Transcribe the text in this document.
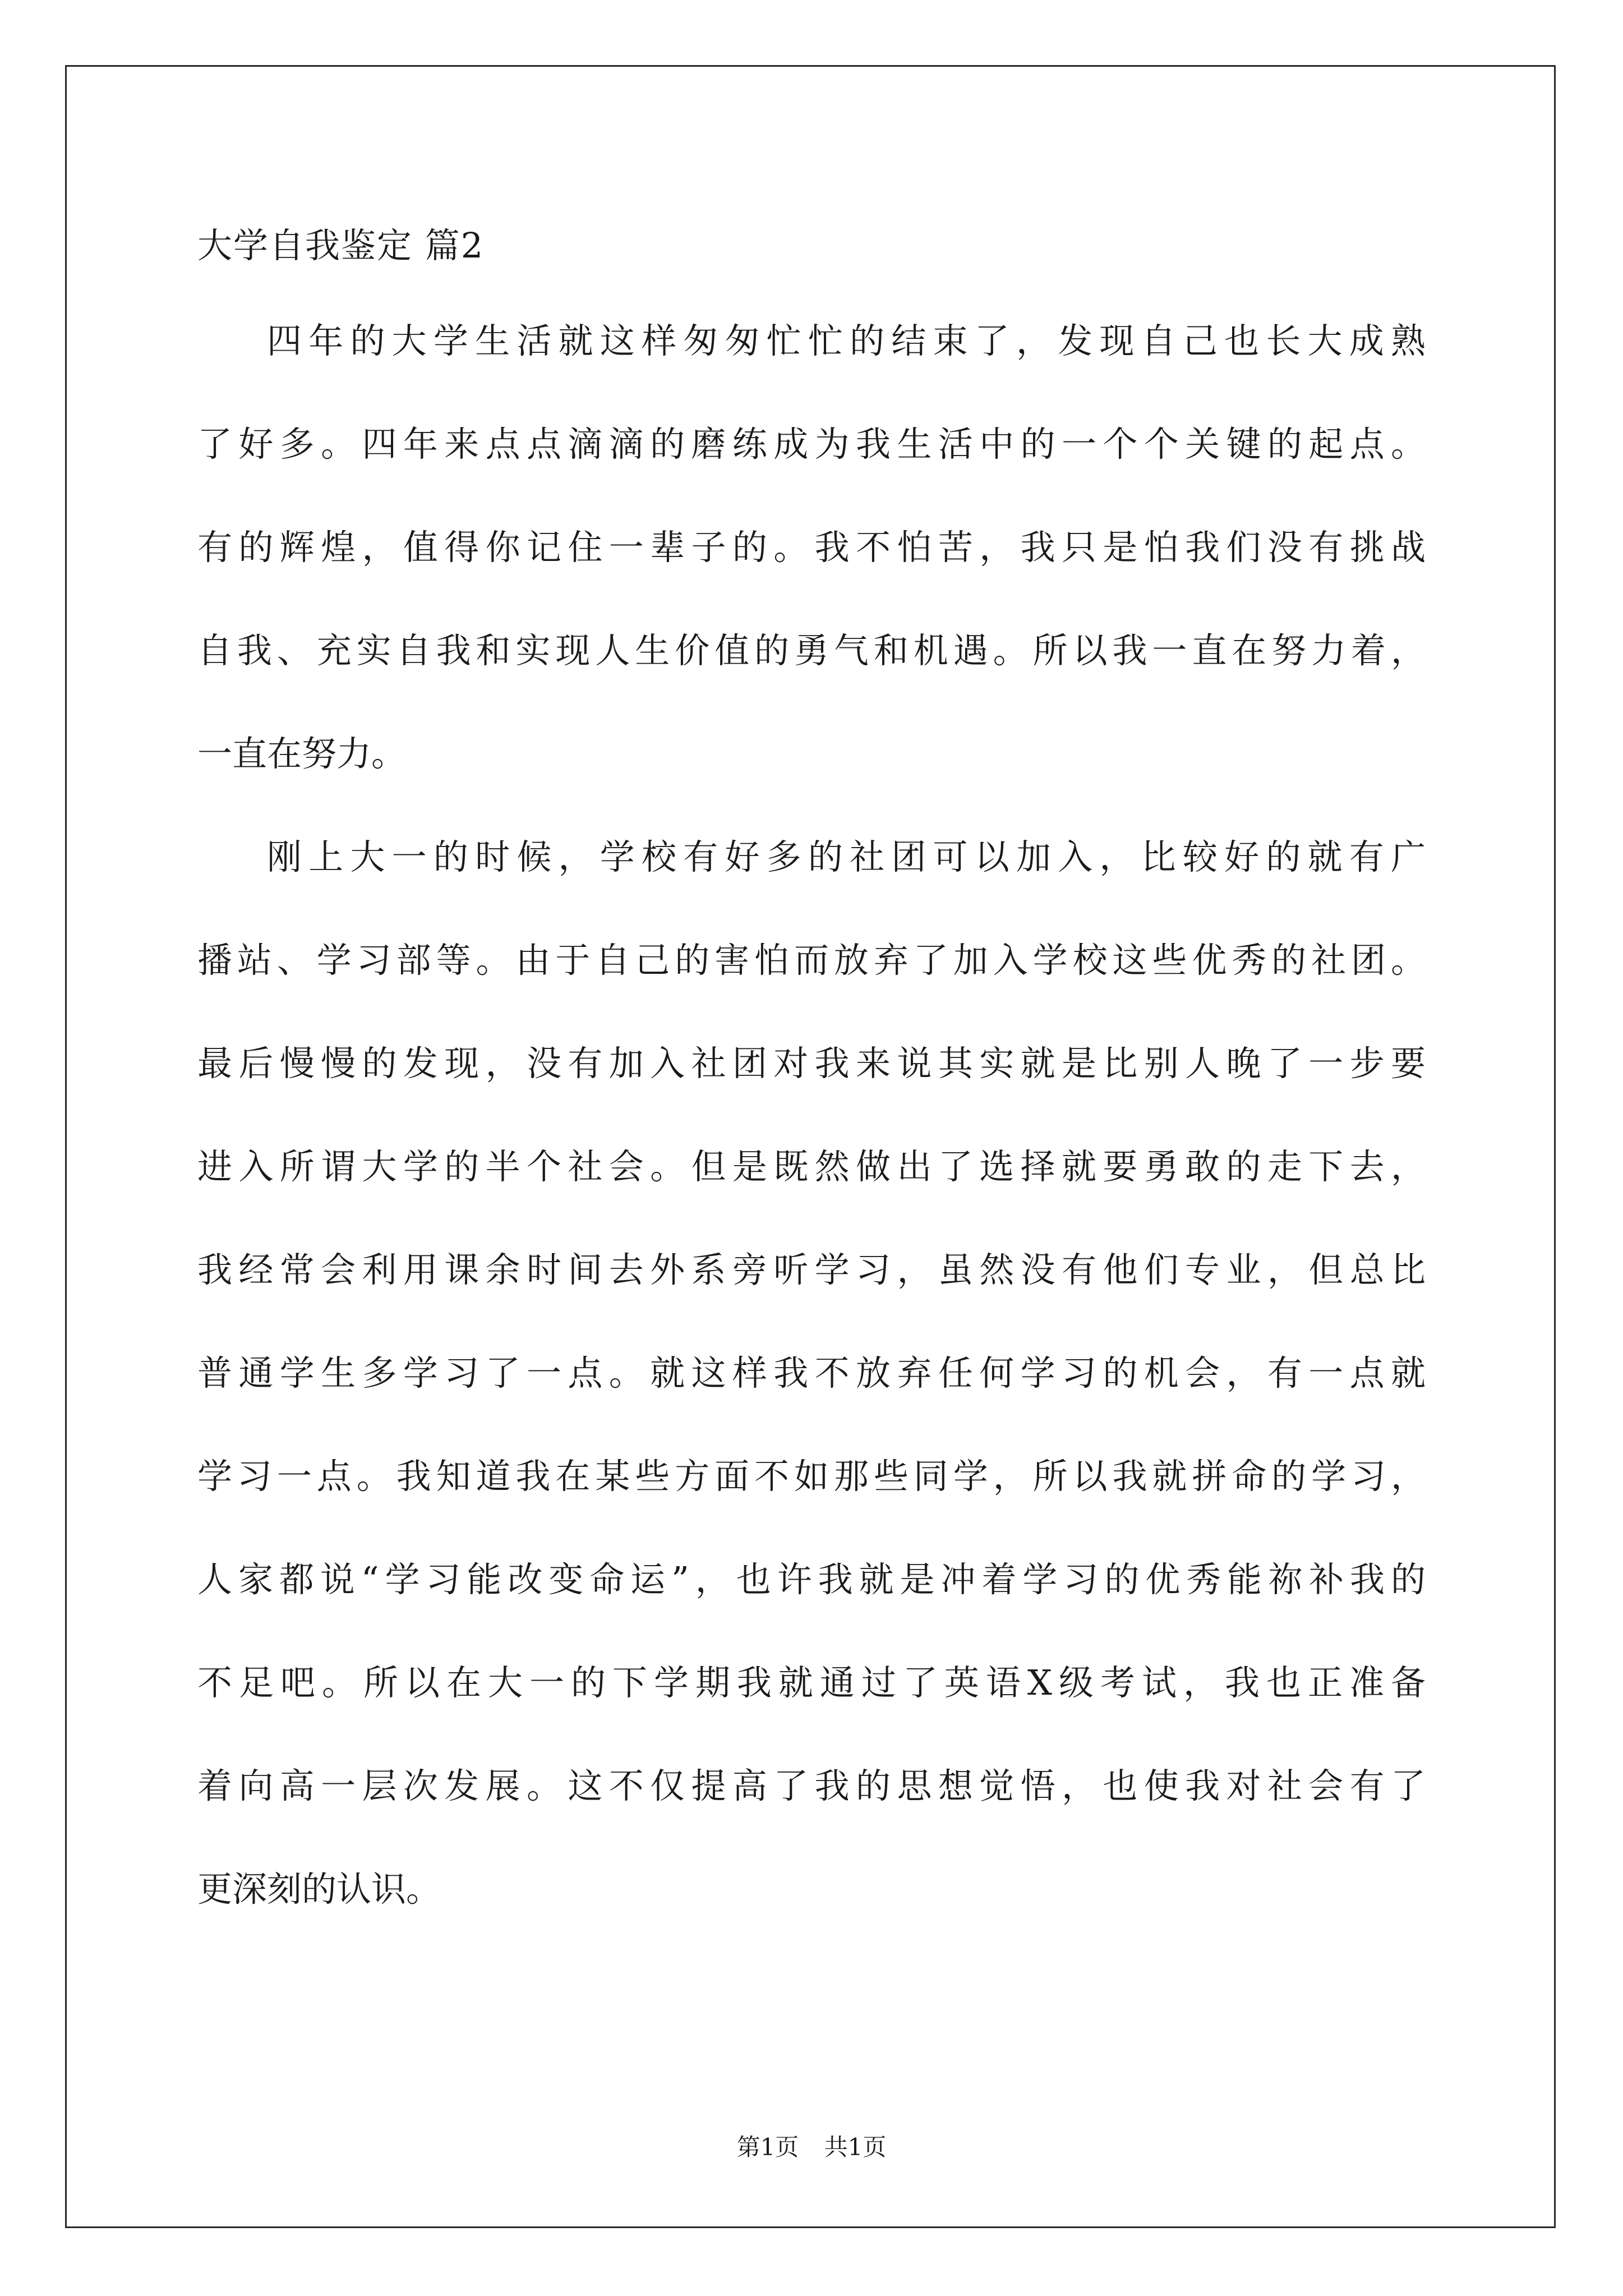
大学自我鉴定 篇2
四年的大学生活就这样匆匆忙忙的结束了，发现自己也长大成熟
了好多。四年来点点滴滴的磨练成为我生活中的一个个关键的起点。
有的辉煌，值得你记住一辈子的。我不怕苦，我只是怕我们没有挑战
自我、充实自我和实现人生价值的勇气和机遇。所以我一直在努力着，
一直在努力。
刚上大一的时候，学校有好多的社团可以加入，比较好的就有广
播站、学习部等。由于自己的害怕而放弃了加入学校这些优秀的社团。
最后慢慢的发现，没有加入社团对我来说其实就是比别人晚了一步要
进入所谓大学的半个社会。但是既然做出了选择就要勇敢的走下去，
我经常会利用课余时间去外系旁听学习，虽然没有他们专业，但总比
普通学生多学习了一点。就这样我不放弃任何学习的机会，有一点就
学习一点。我知道我在某些方面不如那些同学，所以我就拼命的学习，
人家都说“学习能改变命运”，也许我就是冲着学习的优秀能祢补我的
不足吧。所以在大一的下学期我就通过了英语X级考试，我也正准备
着向高一层次发展。这不仅提高了我的思想觉悟，也使我对社会有了
更深刻的认识。
第1页 共1页
